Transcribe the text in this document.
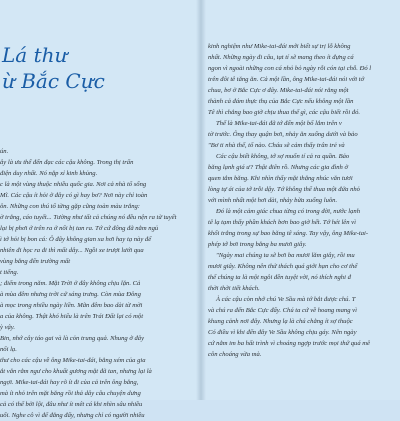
Lá thư
ừ Bắc Cực
ún.
ây là ưu thế đến đạc các cậu không. Trong thị trấn
điện duy nhất. Nó nặp xỉ kinh khủng.
c là một vùng thuộc nhiều quốc gia. Nơi cả nhà tổ sống
Mĩ. Các cậu ít hỏi ở đây có gì hay bơ? Nơi này chỉ toàn
ôn. Những con thú tổ từng gặp cũng toàn màu trắng:
ờ trắng, cáo tuyết... Tường như tất cả chúng nó đều nện ra từ tuyết
lại bị phơi ở trên ra ở nổi bị tan ra. Tớ cứ đông đã nằm ngủ
ì tớ hỏi bị bon cá: Ô đây không gian xa hơi hay tạ này để
nhiên đi học ra đi thì mất dây... Ngồi xe trượt lưới qua
vùng băng đến trường mất
t tiếng.
; điểm trong năm. Mặt Trời ở đây không chịu lặn. Cả
à mùa đêm nhưng trời cứ sáng trưng. Còn mùa Đông
à mọc trong nhiều ngày liền. Mãn đêm bao dài từ mời
a của không. Thật khó hiểu là trên Trái Đất lại có một
ỳ vậy.
Bin, nhớ cây táo gai và là cỏn trung quả. Nhung ở đây
nổi lạ.
thư cho các cậu về ông Mike-tai-đái, bằng xém của gia
ắt văn rằm ngư cho khuất gương mặt đã tan, nhưng lại là
ngợi. Mike-tai-đái hay rõ ít đi của cả trên ông băng,
mà ít nhỏ trên mặt băng rồi thả dây câu chuyện dưng
cả có thể bởi lội, đâu như ít mêt cá khi nhìn sâu nhiều
uối. Nghe cô vì để đăng đấy, nhưng chỉ có người nhiều
kinh nghiệm như Mike-tai-đái mới biết sự trị lỗ không
nhất. Những ngày đi câu, tạt tí sẽ mang theo ít đựng cá
ngon vì ngoài những con cá nhỏ bỏ ngày rỗi cón tại chỗ. Đó l
trên đôi tê tăng ăn. Cả một lần, ông Mike-tai-đái nói với tớ
chua, bơ ở Bắc Cực ơ đây. Mike-tai-đái nói rằng một
thành cả đám thực thụ của Bắc Cực nếu không một lần
Tê thì chẳng bao giờ chịu thua thế gì, các cậu biết rồi đó.
Thế là Mike-tai-đái đã tớ đến một bổ lắm trên v
tờ trước. Ông thay quận bơi, nhảy ăn xuống dưới và bảo
"Bơ ti nhà thế, tổ nào. Cháu sẽ cảm thấy trân trẻ và
Các cậu biết không, tớ sợ muốn tí cả ra quần. Bảo
băng lạnh giá ư? Thật điên rồ. Nhưng các gia đình ở
quen tắm băng. Khi nhìn thấy mặt thăng nhúc văn tươi
lòng tự ái của tớ trỗi dậy. Tớ không thể thua một đứa nhỏ
với mình nhất một hơi dài, nhảy bừa xuống luôn.
Đó là một cảm giác chua từng có trong đời, nước lạnh
tê lạ tạm thấy phần khách bơn bao giờ hết. Tớ hét lên vì
khối trắng trong sự bao băng tê sáng. Tay vậy, ông Mike-tai-
phép tớ bơi trong băng ba mươi giây.
"Ngày mai chúng ta sẽ bơi ba mươi lăm giây, rồi mu
mươi giây. Không nên thử thách quá giới hạn cho cơ thể
thể chúng ta là một ngôi đền tuyệt vời, nó thích nghi đ
thời thời tiết khách.
À các cậu còn nhớ chú Ve Sầu mà tớ bắt được chú. T
và chú ra đến Bắc Cực đấy. Chú ta cứ về hoang mang vì
khung cảnh nơi đây. Nhưng lạ là chú chẳng ít sợ thuộc
Có điều vì khi đến đây Ve Sầu không chịu gáy. Nên ngày
cứ nằm im ba hất trình vì choáng ngợp trước mọi thứ quá mê
côn choáng vừa mà.
